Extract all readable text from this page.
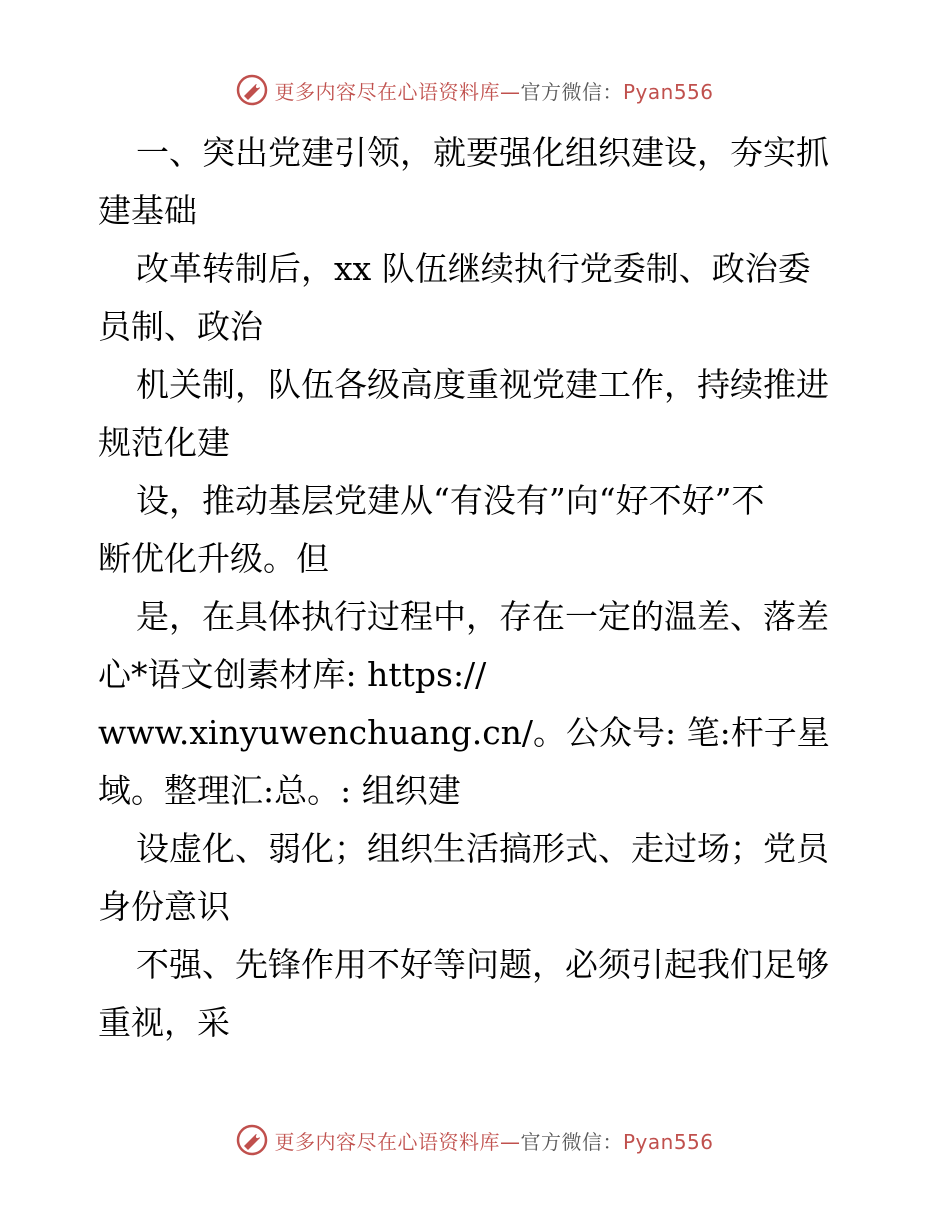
更多内容尽在心语资料库—官方微信：Pyan556
一、突出党建引领，就要强化组织建设，夯实抓
建基础
改革转制后，xx 队伍继续执行党委制、政治委
员制、政治
机关制，队伍各级高度重视党建工作，持续推进
规范化建
设，推动基层党建从“有没有”向“好不好”不
断优化升级。但
是，在具体执行过程中，存在一定的温差、落差
心*语文创素材库: https://
www.xinyuwenchuang.cn/。公众号: 笔:杆子星
域。整理汇:总。: 组织建
设虚化、弱化；组织生活搞形式、走过场；党员
身份意识
不强、先锋作用不好等问题，必须引起我们足够
重视，采
更多内容尽在心语资料库—官方微信：Pyan556
